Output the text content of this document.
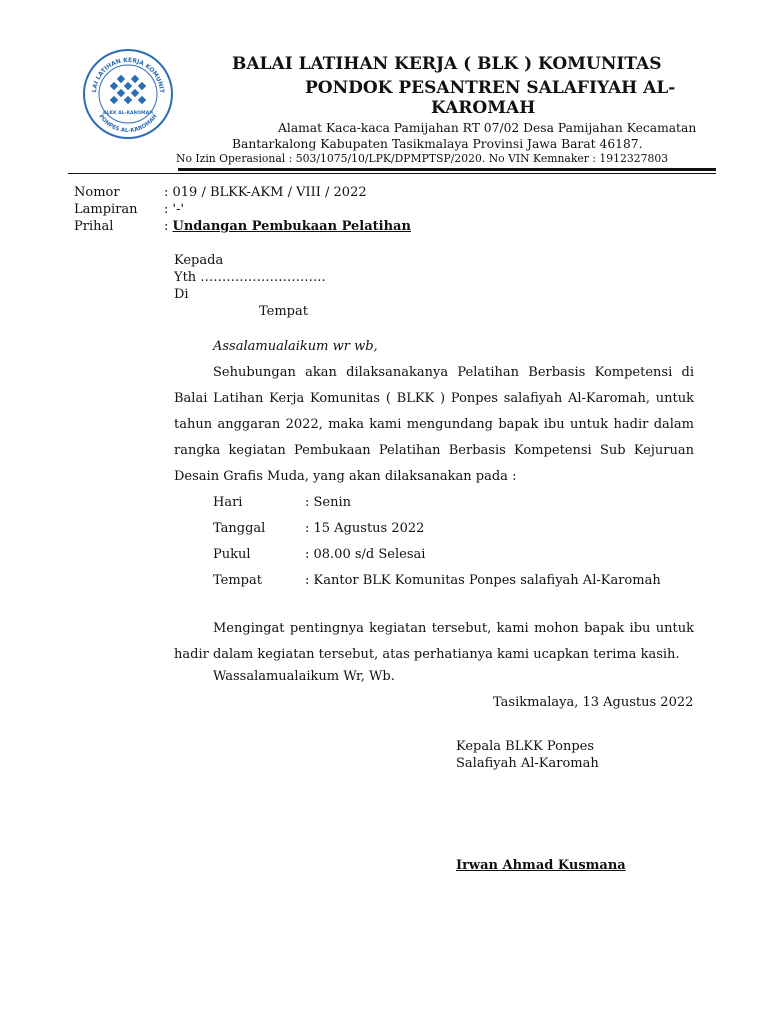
LAI LATIHAN KERJA KOMUNIT
PONPES AL-KAROMAH
BLKK AL-KAROMAH
BALAI LATIHAN KERJA ( BLK ) KOMUNITAS
PONDOK PESANTREN SALAFIYAH AL-
KAROMAH
Alamat Kaca-kaca Pamijahan RT 07/02 Desa Pamijahan Kecamatan
Bantarkalong Kabupaten Tasikmalaya Provinsi Jawa Barat 46187.
No Izin Operasional : 503/1075/10/LPK/DPMPTSP/2020. No VIN Kemnaker : 1912327803
Nomor	: 019 / BLKK-AKM / VIII / 2022
Lampiran	: '-'
Prihal	: Undangan Pembukaan Pelatihan
Kepada
Yth ………………………..
Di
Tempat
Assalamualaikum wr wb,
Sehubungan akan dilaksanakanya Pelatihan Berbasis Kompetensi di Balai Latihan Kerja Komunitas ( BLKK ) Ponpes salafiyah Al-Karomah, untuk tahun anggaran 2022, maka kami mengundang bapak ibu untuk hadir dalam rangka kegiatan Pembukaan Pelatihan Berbasis Kompetensi Sub Kejuruan Desain Grafis Muda, yang akan dilaksanakan pada :
Hari	: Senin
Tanggal	: 15 Agustus 2022
Pukul	: 08.00 s/d Selesai
Tempat	: Kantor BLK Komunitas Ponpes salafiyah Al-Karomah
Mengingat pentingnya kegiatan tersebut, kami mohon bapak ibu untuk hadir dalam kegiatan tersebut, atas perhatianya kami ucapkan terima kasih.
Wassalamualaikum Wr, Wb.
Tasikmalaya, 13 Agustus 2022
Kepala BLKK Ponpes
Salafiyah Al-Karomah
Irwan Ahmad Kusmana
